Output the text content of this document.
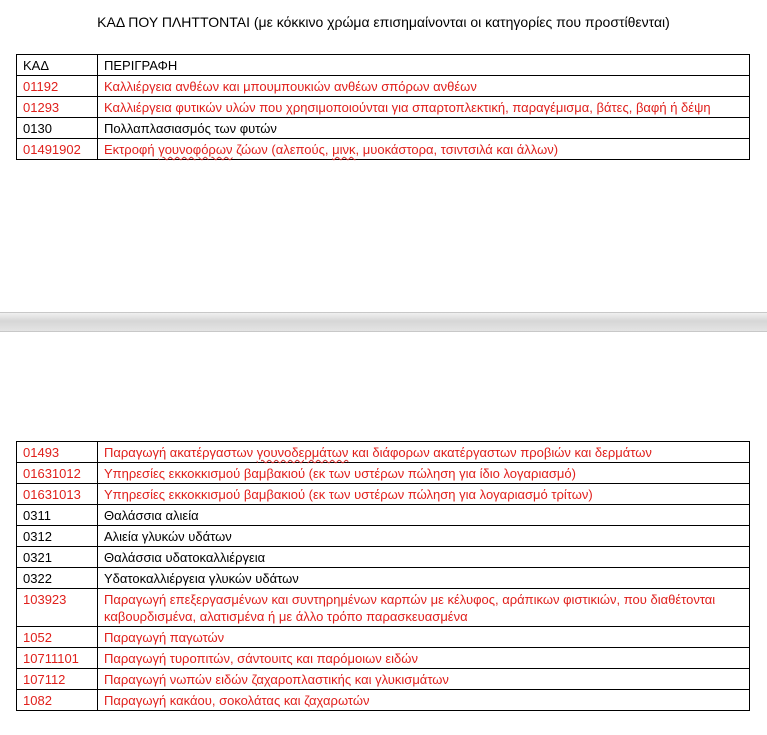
ΚΑΔ ΠΟΥ ΠΛΗΤΤΟΝΤΑΙ (με κόκκινο χρώμα επισημαίνονται οι κατηγορίες που προστίθενται)
ΚΑΔ	ΠΕΡΙΓΡΑΦΗ
01192	Καλλιέργεια ανθέων και μπουμπουκιών ανθέων σπόρων ανθέων
01293	Καλλιέργεια φυτικών υλών που χρησιμοποιούνται για σπαρτοπλεκτική, παραγέμισμα, βάτες, βαφή ή δέψη
0130	Πολλαπλασιασμός των φυτών
01491902	Εκτροφή γουνοφόρων ζώων (αλεπούς, μινκ, μυοκάστορα, τσιντσιλά και άλλων)
01493	Παραγωγή ακατέργαστων γουνοδερμάτων και διάφορων ακατέργαστων προβιών και δερμάτων
01631012	Υπηρεσίες εκκοκκισμού βαμβακιού (εκ των υστέρων πώληση για ίδιο λογαριασμό)
01631013	Υπηρεσίες εκκοκκισμού βαμβακιού (εκ των υστέρων πώληση για λογαριασμό τρίτων)
0311	Θαλάσσια αλιεία
0312	Αλιεία γλυκών υδάτων
0321	Θαλάσσια υδατοκαλλιέργεια
0322	Υδατοκαλλιέργεια γλυκών υδάτων
103923	Παραγωγή επεξεργασμένων και συντηρημένων καρπών με κέλυφος, αράπικων φιστικιών, που διαθέτονται καβουρδισμένα, αλατισμένα ή με άλλο τρόπο παρασκευασμένα
1052	Παραγωγή παγωτών
10711101	Παραγωγή τυροπιτών, σάντουιτς και παρόμοιων ειδών
107112	Παραγωγή νωπών ειδών ζαχαροπλαστικής και γλυκισμάτων
1082	Παραγωγή κακάου, σοκολάτας και ζαχαρωτών
